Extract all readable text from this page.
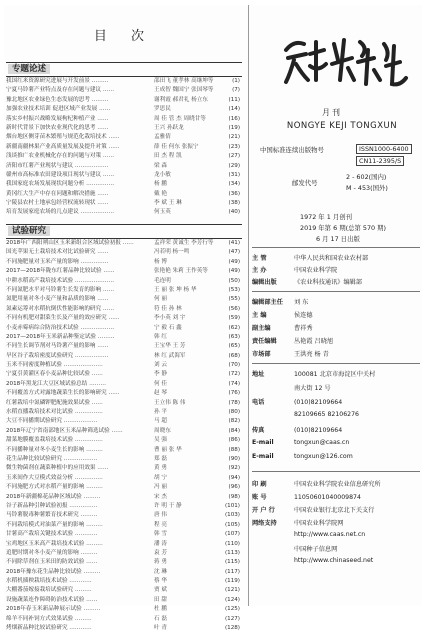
目 次
专题论述
我国红米资源研究进展与开发前景 ………	邵田飞 董孝林 高继坤等	(1)
宁夏马铃薯产业特点及存在问题与建议 ……	王成智 魏国宁 张国琴等	(7)
豫北地区农业绿色生态发展的思考 ………	谢利霞 郝君礼 杨立东	(11)
加强农业技术培训 促进区域产业发展 ……	罗思民	(14)
落实乡村振兴战略发展枸杞种植产业 ……	周 佳 管 杰 周晓甘等	(16)
新时代背景下加快农业现代化的思考 ……	王兴 孙跃龙	(19)
烟台地区侧芽苗木繁殖与规范化栽培技术 ……	孟雅倩	(21)
新疆南疆林果产业高质量发展及提升对策 ……	薛 佳 何东 张振宁	(23)
浅谈推广农业机械化存在的问题与对策 ……	田 杰 程 凯	(27)
济阳市红薯产业现状与建议 ………………	梁 森	(29)
赣州市高标准农田建设项目现状与建议 ……	龙小敏	(31)
我国家庭农场发展现状问题分析 ……………	杨 鹏	(34)
黄冈红大生产中存在问题和解决措施 ……	戴 艳	(36)
宁陵县农村土地承包经营权流转现状 ……	李 斌 王 琳	(38)
培育发展家庭农场的几点建议 ………………	何玉英	(40)
试验研究
2018年广西阳朔山区玉米新组合区域试验初报 ……	孟祥荣 黄诚生 李芳行等	(41)
国光苹果无土栽培技术对比试验研究 ……	冯若明 杨一鸣	(47)
不同施肥量对玉米产量的影响 ……………	杨 博	(49)
2017—2018年陇东红薯品种比较试验 ……	张艳艳 朱莉 王作英等	(49)
中耕水稻高产栽培技术试验 …………………	毛连明	(50)
不同氮肥水平对马铃薯生长发育的影响 ……	王 丽 张 坤 杨 华	(53)
氮肥用量对冬小麦产量和品质的影响 ……	何 丽	(55)
氮素运筹对水稻抗倒伏性能影响的研究 ……	符 佳 孙 林	(56)
不同有机肥对甜菜生长及产量的效应研究 ……	李小英 刘 宇	(59)
小麦赤霉病综合防治技术试验 ………………	宁 毅 石 鑫	(62)
2017—2018年玉米新品种鉴定试验 ………	韩 红	(63)
不同生长调节剂对马铃薯产量的影响 ……	王宝华 王 芳	(65)
旱区谷子栽培密度试验研究 ………………	林 红 武海军	(68)
玉米不同密度种植试验 …………………	刘 云	(70)
宁夏引黄灌区春小麦品种比较试验 ……	李 静	(72)
2018年黑龙江大豆区域试验总结 ………	何 佳	(74)
不同覆盖方式对露地蔬菜生长的影响研究 ……	赵 琴	(76)
红薯栽培中氮磷钾肥配施效果试验 ……	王立伟 陈 伟	(78)
水稻直播栽培技术对比试验 ……………	孙 平	(80)
大豆不同播期试验研究 ………………	马 超	(82)
2018年辽宁省南部地区玉米品种筛选试验 ……	周晓东	(84)
甜菜地膜覆盖栽培技术试验 ……………	吴 强	(86)
不同播种量对冬小麦生长的影响 ………	曹 丽 张 华	(88)
花生品种比较试验研究 ………………	郑 磊	(90)
微生物菌剂在蔬菜种植中的应用效果 ……	黄 勇	(92)
玉米间作大豆模式效益分析 ……………	胡 宁	(94)
不同施肥方式对水稻产量的影响 ………	冯 丽	(96)
2018年新疆棉花品种区域试验 ………	宋 杰	(98)
谷子新品种引种试验初报 ……………	许 明 于 静	(101)
马铃薯脱毒种薯繁育技术研究 ………	唐 伟	(103)
不同栽培模式对油菜产量的影响 ………	程 亮	(105)
甘薯高产栽培关键技术试验 …………	韩 雪	(107)
宝鸡地区玉米高产栽培技术试验 ………	潘 涛	(110)
追肥时期对冬小麦产量的影响 ………	袁 芳	(113)
不同除草剂在玉米田的防效试验 ……	蒋 勇	(115)
2018年豫东花生品种比较试验 ………	沈 琳	(117)
水稻机插秧栽培技术试验 …………	蔡 华	(119)
大棚番茄嫁接栽培试验研究 ………	贾 斌	(121)
设施蔬菜连作障碍防治技术试验 ……	田 甜	(124)
2018年春玉米新品种展示试验 ………	杜 鹏	(125)
绵羊不同补饲方式效果试验 ………	石 磊	(127)
烤烟新品种比较试验研究 …………	叶 青	(128)
月刊
NONGYE KEJI TONGXUN
中国标准连续出版物号	ISSN1000-6400
CN11-2395/S
邮发代号
2 - 602(国内)
M - 453(国外)
1972 年 1 月创刊
2019 年第 6 期(总第 570 期)
6 月 17 日出版
主 管	中华人民共和国农业农村部
主 办	中国农业科学院
编辑出版	《农业科技通讯》编辑部
编辑部主任 刘 东
主 编	侯连德
副主编	曹祥秀
责任编辑	丛艳霞 吕晓旭
市场部	王洪亮 杨 青
地址	100081 北京市海淀区中关村
南大街 12 号
电话	(010)82109664
82109665 82106276
传真	(010)82109664
E-mail	tongxun@caas.cn
E-mail	tongxun@126.com
印 刷	中国农业科学院农业信息研究所
账 号	11050601040009874
开 户 行	中国农业银行北京北下关支行
网络支持	中国农业科学院网
http://www.caas.net.cn
中国种子信息网
http://www.chinaseed.net
